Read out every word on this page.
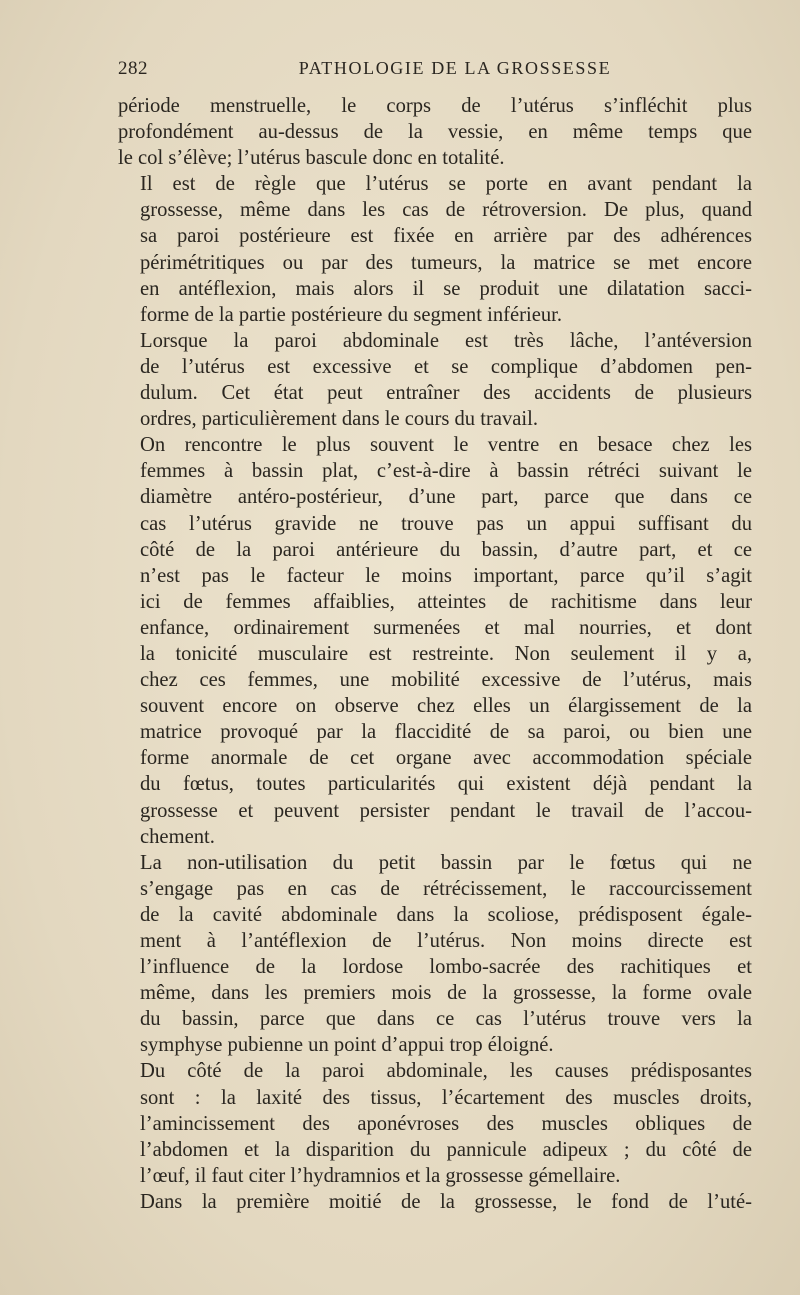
282	PATHOLOGIE DE LA GROSSESSE

période menstruelle, le corps de l’utérus s’infléchit plus
profondément au-dessus de la vessie, en même temps que
le col s’élève; l’utérus bascule donc en totalité.

Il est de règle que l’utérus se porte en avant pendant la
grossesse, même dans les cas de rétroversion. De plus, quand
sa paroi postérieure est fixée en arrière par des adhérences
périmétritiques ou par des tumeurs, la matrice se met encore
en antéflexion, mais alors il se produit une dilatation sacci-
forme de la partie postérieure du segment inférieur.

Lorsque la paroi abdominale est très lâche, l’antéversion
de l’utérus est excessive et se complique d’abdomen pen-
dulum. Cet état peut entraîner des accidents de plusieurs
ordres, particulièrement dans le cours du travail.

On rencontre le plus souvent le ventre en besace chez les
femmes à bassin plat, c’est-à-dire à bassin rétréci suivant le
diamètre antéro-postérieur, d’une part, parce que dans ce
cas l’utérus gravide ne trouve pas un appui suffisant du
côté de la paroi antérieure du bassin, d’autre part, et ce
n’est pas le facteur le moins important, parce qu’il s’agit
ici de femmes affaiblies, atteintes de rachitisme dans leur
enfance, ordinairement surmenées et mal nourries, et dont
la tonicité musculaire est restreinte. Non seulement il y a,
chez ces femmes, une mobilité excessive de l’utérus, mais
souvent encore on observe chez elles un élargissement de la
matrice provoqué par la flaccidité de sa paroi, ou bien une
forme anormale de cet organe avec accommodation spéciale
du fœtus, toutes particularités qui existent déjà pendant la
grossesse et peuvent persister pendant le travail de l’accou-
chement.

La non-utilisation du petit bassin par le fœtus qui ne
s’engage pas en cas de rétrécissement, le raccourcissement
de la cavité abdominale dans la scoliose, prédisposent égale-
ment à l’antéflexion de l’utérus. Non moins directe est
l’influence de la lordose lombo-sacrée des rachitiques et
même, dans les premiers mois de la grossesse, la forme ovale
du bassin, parce que dans ce cas l’utérus trouve vers la
symphyse pubienne un point d’appui trop éloigné.

Du côté de la paroi abdominale, les causes prédisposantes
sont : la laxité des tissus, l’écartement des muscles droits,
l’amincissement des aponévroses des muscles obliques de
l’abdomen et la disparition du pannicule adipeux ; du côté de
l’œuf, il faut citer l’hydramnios et la grossesse gémellaire.

Dans la première moitié de la grossesse, le fond de l’uté-
